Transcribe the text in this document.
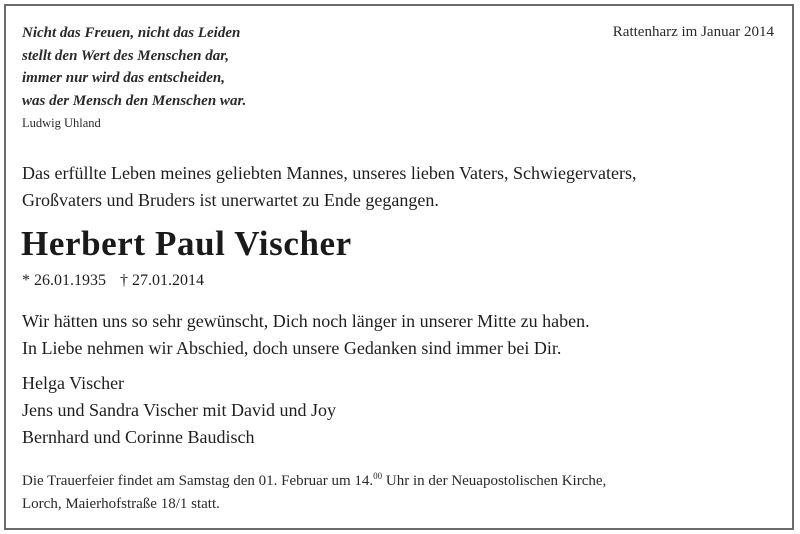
Nicht das Freuen, nicht das Leiden
stellt den Wert des Menschen dar,
immer nur wird das entscheiden,
was der Mensch den Menschen war.
Ludwig Uhland
Rattenharz im Januar 2014
Das erfüllte Leben meines geliebten Mannes, unseres lieben Vaters, Schwiegervaters,
Großvaters und Bruders ist unerwartet zu Ende gegangen.
Herbert Paul Vischer
* 26.01.1935 † 27.01.2014
Wir hätten uns so sehr gewünscht, Dich noch länger in unserer Mitte zu haben.
In Liebe nehmen wir Abschied, doch unsere Gedanken sind immer bei Dir.
Helga Vischer
Jens und Sandra Vischer mit David und Joy
Bernhard und Corinne Baudisch
Die Trauerfeier findet am Samstag den 01. Februar um 14.00 Uhr in der Neuapostolischen Kirche,
Lorch, Maierhofstraße 18/1 statt.
